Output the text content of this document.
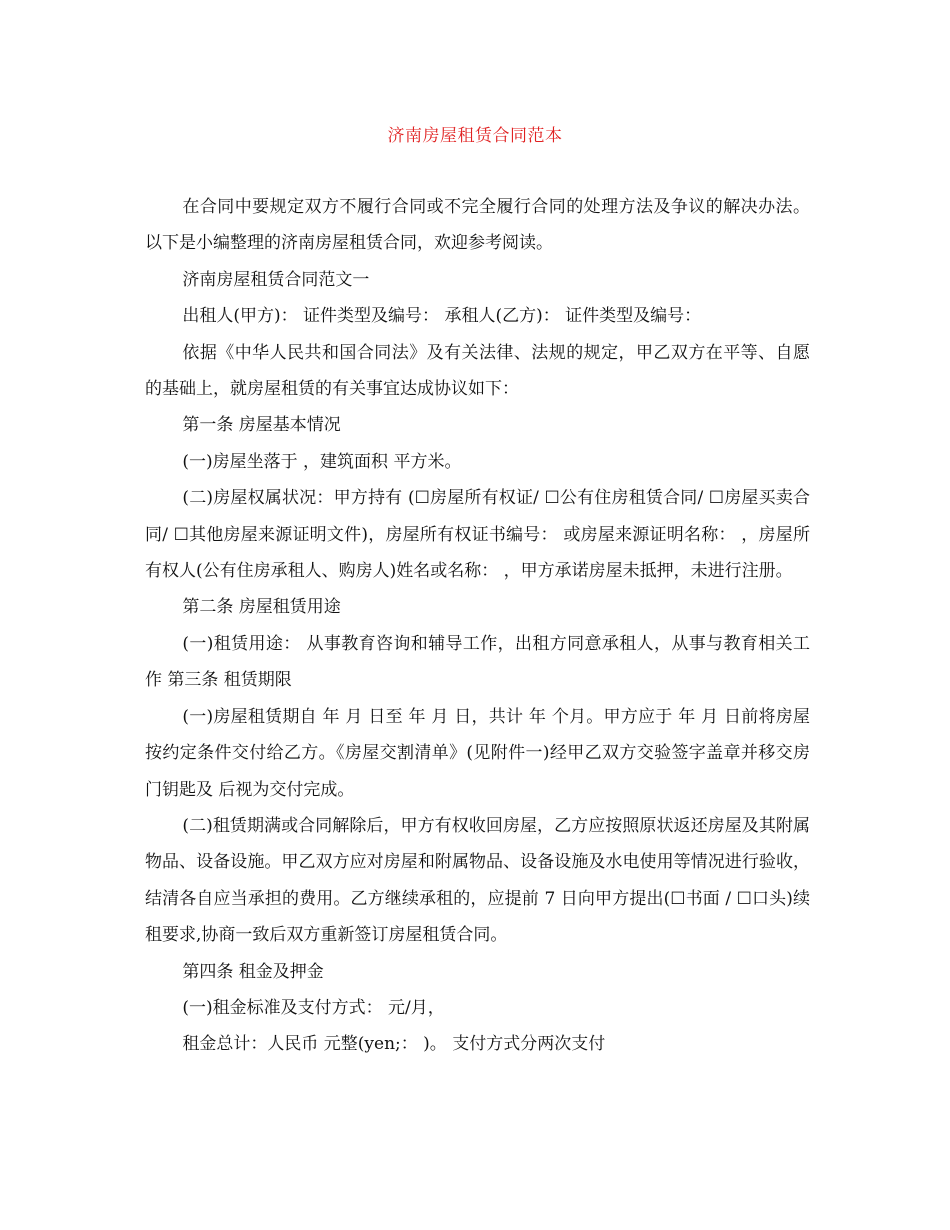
济南房屋租赁合同范本

在合同中要规定双方不履行合同或不完全履行合同的处理方法及争议的解决办法。以下是小编整理的济南房屋租赁合同，欢迎参考阅读。

济南房屋租赁合同范文一

出租人(甲方)： 证件类型及编号： 承租人(乙方)： 证件类型及编号：

依据《中华人民共和国合同法》及有关法律、法规的规定，甲乙双方在平等、自愿的基础上，就房屋租赁的有关事宜达成协议如下：

第一条 房屋基本情况

(一)房屋坐落于 ，建筑面积 平方米。

(二)房屋权属状况：甲方持有 (☐房屋所有权证/ ☐公有住房租赁合同/ ☐房屋买卖合同/ ☐其他房屋来源证明文件)，房屋所有权证书编号： 或房屋来源证明名称： ，房屋所有权人(公有住房承租人、购房人)姓名或名称： ，甲方承诺房屋未抵押，未进行注册。

第二条 房屋租赁用途

(一)租赁用途： 从事教育咨询和辅导工作，出租方同意承租人，从事与教育相关工作 第三条 租赁期限

(一)房屋租赁期自 年 月 日至 年 月 日，共计 年 个月。甲方应于 年 月 日前将房屋按约定条件交付给乙方。《房屋交割清单》(见附件一)经甲乙双方交验签字盖章并移交房门钥匙及 后视为交付完成。

(二)租赁期满或合同解除后，甲方有权收回房屋，乙方应按照原状返还房屋及其附属物品、设备设施。甲乙双方应对房屋和附属物品、设备设施及水电使用等情况进行验收，结清各自应当承担的费用。乙方继续承租的，应提前 7 日向甲方提出(☐书面 / ☐口头)续租要求,协商一致后双方重新签订房屋租赁合同。

第四条 租金及押金

(一)租金标准及支付方式： 元/月，

租金总计：人民币 元整(yen;： )。 支付方式分两次支付
